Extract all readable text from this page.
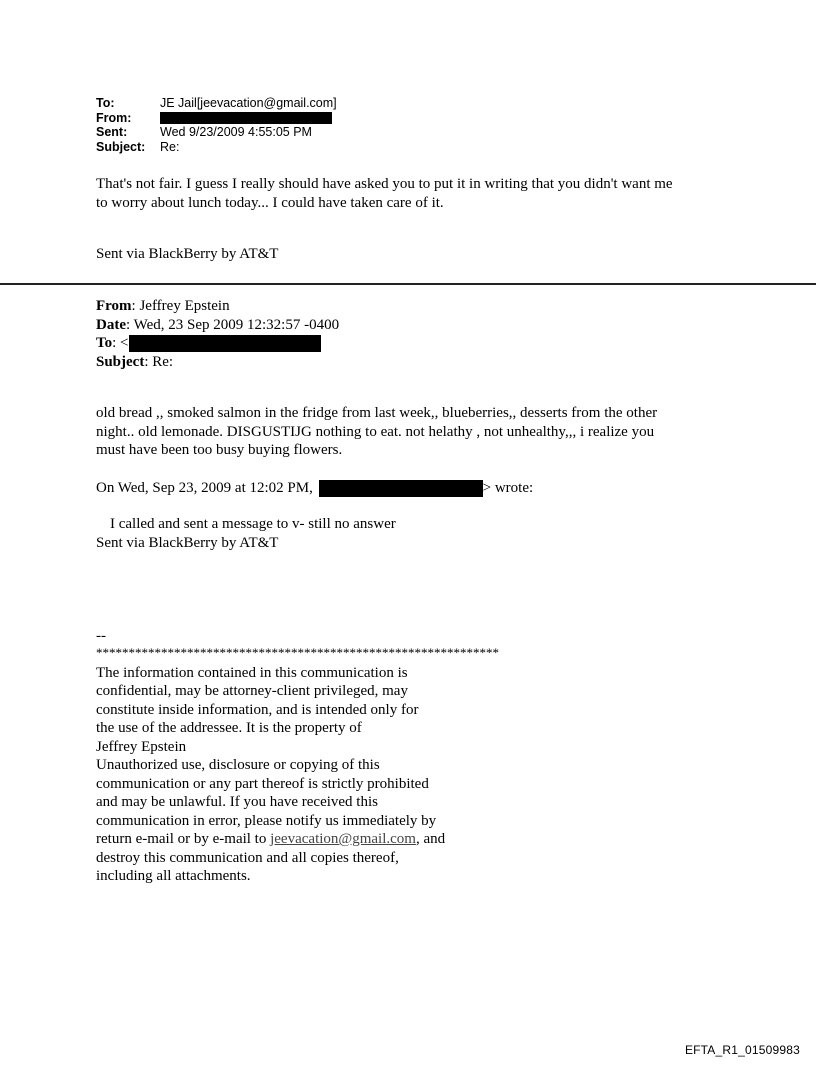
To:	JE Jail[jeevacation@gmail.com]
From:
Sent:	Wed 9/23/2009 4:55:05 PM
Subject:	Re:
That's not fair. I guess I really should have asked you to put it in writing that you didn't want me
to worry about lunch today... I could have taken care of it.
Sent via BlackBerry by AT&T
From: Jeffrey Epstein
Date: Wed, 23 Sep 2009 12:32:57 -0400
To: <
Subject: Re:
old bread ,, smoked salmon in the fridge from last week,, blueberries,, desserts from the other
night.. old lemonade. DISGUSTIJG nothing to eat. not helathy , not unhealthy,,, i realize you
must have been too busy buying flowers.
On Wed, Sep 23, 2009 at 12:02 PM,	> wrote:
I called and sent a message to v- still no answer
Sent via BlackBerry by AT&T
--
**************************************************************
The information contained in this communication is
confidential, may be attorney-client privileged, may
constitute inside information, and is intended only for
the use of the addressee. It is the property of
Jeffrey Epstein
Unauthorized use, disclosure or copying of this
communication or any part thereof is strictly prohibited
and may be unlawful. If you have received this
communication in error, please notify us immediately by
return e-mail or by e-mail to jeevacation@gmail.com, and
destroy this communication and all copies thereof,
including all attachments.
EFTA_R1_01509983
